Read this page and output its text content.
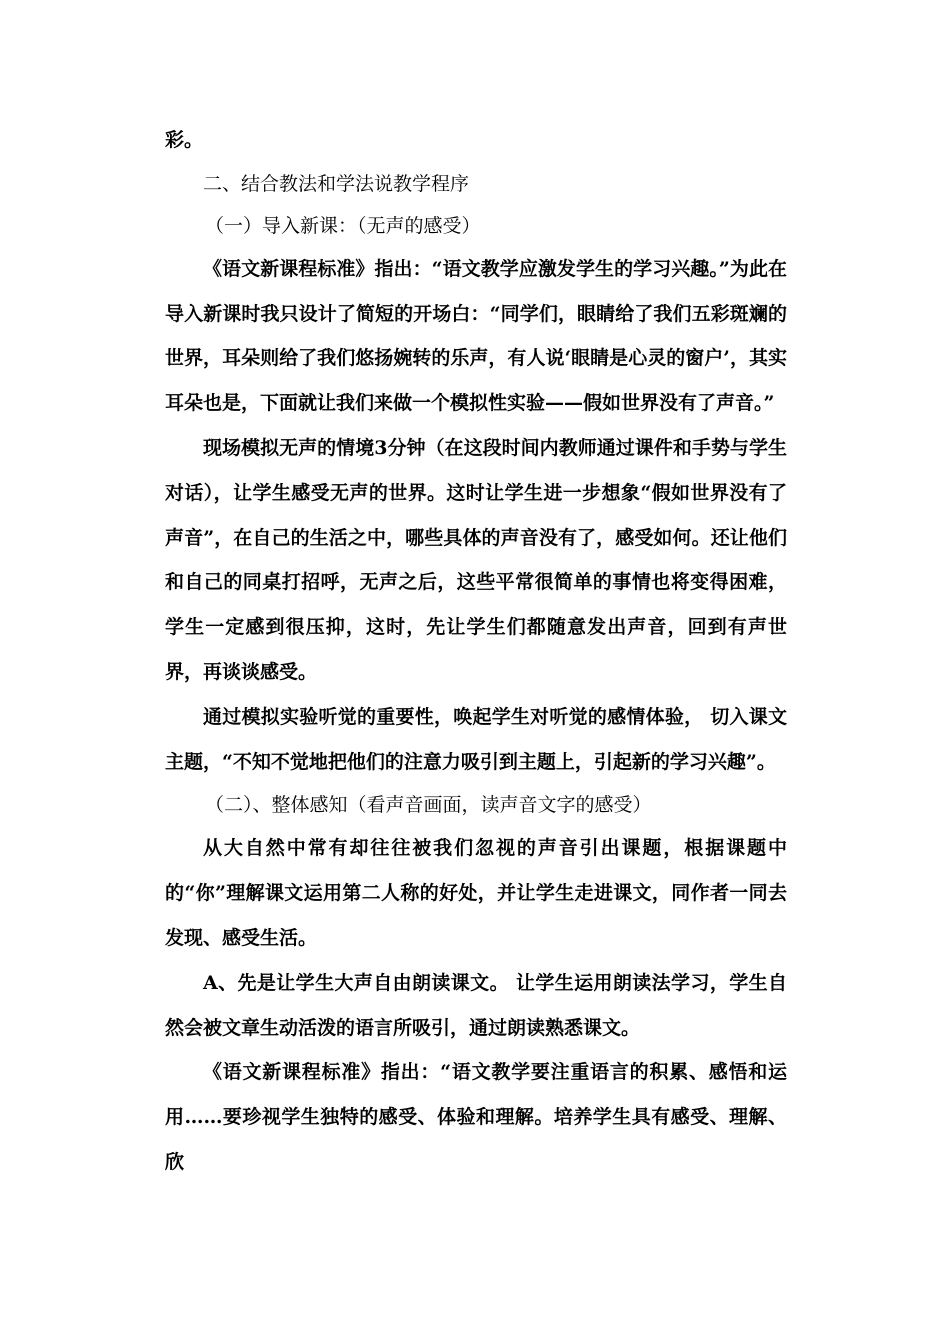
彩。

二、结合教法和学法说教学程序

（一）导入新课：（无声的感受）

《语文新课程标准》指出：“语文教学应激发学生的学习兴趣。”为此在导入新课时我只设计了简短的开场白：“同学们，眼睛给了我们五彩斑斓的世界，耳朵则给了我们悠扬婉转的乐声，有人说‘眼睛是心灵的窗户’，其实耳朵也是，下面就让我们来做一个模拟性实验——假如世界没有了声音。”

现场模拟无声的情境3分钟（在这段时间内教师通过课件和手势与学生对话），让学生感受无声的世界。这时让学生进一步想象“假如世界没有了声音”，在自己的生活之中，哪些具体的声音没有了，感受如何。还让他们和自己的同桌打招呼，无声之后，这些平常很简单的事情也将变得困难，学生一定感到很压抑，这时，先让学生们都随意发出声音，回到有声世界，再谈谈感受。

通过模拟实验听觉的重要性，唤起学生对听觉的感情体验， 切入课文主题，“不知不觉地把他们的注意力吸引到主题上，引起新的学习兴趣”。

（二）、整体感知（看声音画面，读声音文字的感受）

从大自然中常有却往往被我们忽视的声音引出课题，根据课题中的“你”理解课文运用第二人称的好处，并让学生走进课文，同作者一同去发现、感受生活。

A、先是让学生大声自由朗读课文。 让学生运用朗读法学习，学生自然会被文章生动活泼的语言所吸引，通过朗读熟悉课文。

《语文新课程标准》指出：“语文教学要注重语言的积累、感悟和运用……要珍视学生独特的感受、体验和理解。培养学生具有感受、理解、欣
